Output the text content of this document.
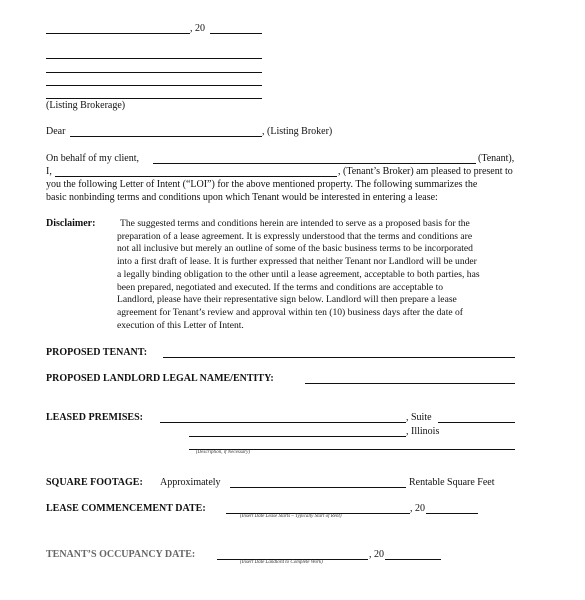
, 20
(Listing Brokerage)
Dear	, (Listing Broker)
On behalf of my client,	(Tenant),
I,	, (Tenant’s Broker) am pleased to present to
you the following Letter of Intent (“LOI”) for the above mentioned property. The following summarizes the
basic nonbinding terms and conditions upon which Tenant would be interested in entering a lease:
Disclaimer:	The suggested terms and conditions herein are intended to serve as a proposed basis for the
preparation of a lease agreement. It is expressly understood that the terms and conditions are
not all inclusive but merely an outline of some of the basic business terms to be incorporated
into a first draft of lease. It is further expressed that neither Tenant nor Landlord will be under
a legally binding obligation to the other until a lease agreement, acceptable to both parties, has
been prepared, negotiated and executed. If the terms and conditions are acceptable to
Landlord, please have their representative sign below. Landlord will then prepare a lease
agreement for Tenant’s review and approval within ten (10) business days after the date of
execution of this Letter of Intent.
PROPOSED TENANT:
PROPOSED LANDLORD LEGAL NAME/ENTITY:
LEASED PREMISES:	, Suite
, Illinois
(Description, if Necessary)
SQUARE FOOTAGE: Approximately	Rentable Square Feet
LEASE COMMENCEMENT DATE:	, 20
(Insert Date Lease Starts – Typically Start of Rent)
TENANT’S OCCUPANCY DATE:	, 20
(Insert Date Landlord to Complete Work)
